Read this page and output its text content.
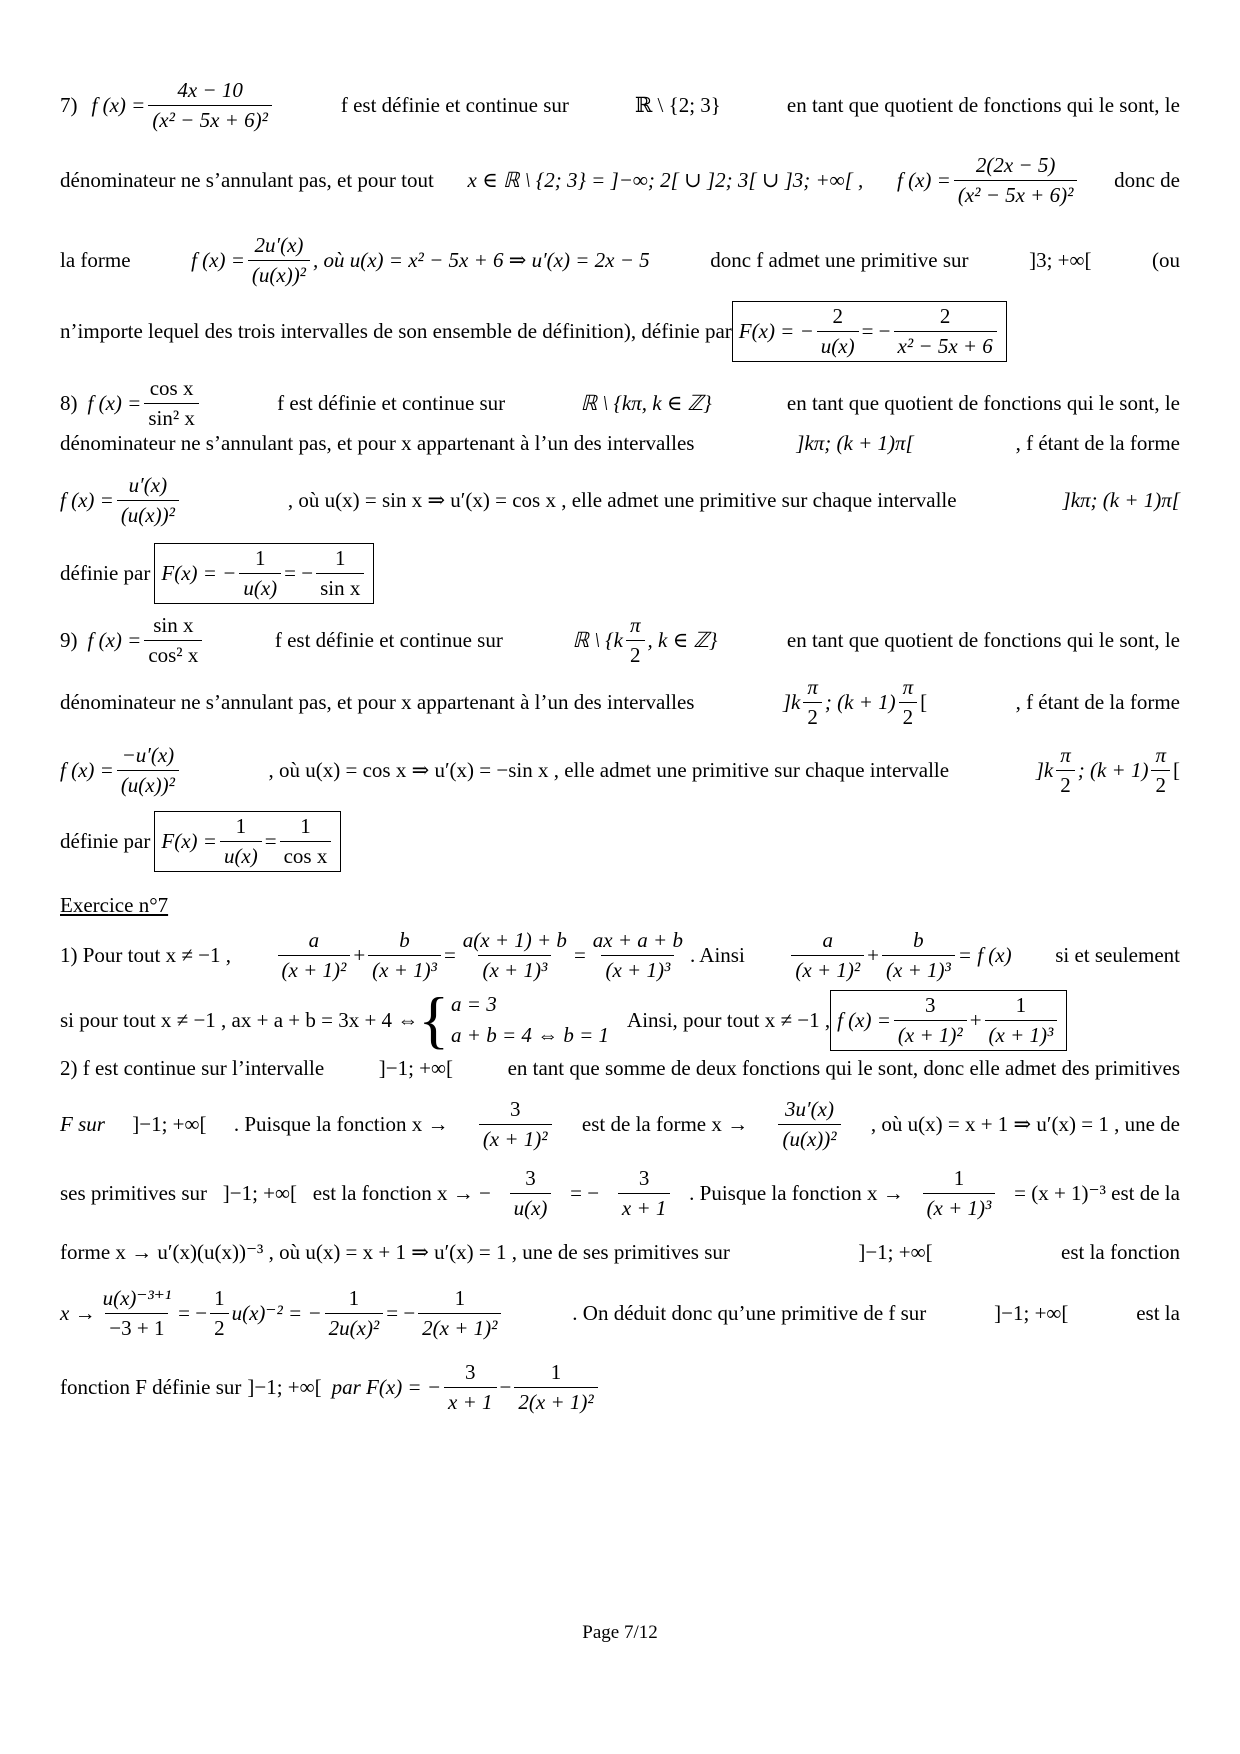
7) f $(x) = \frac{4x - 10}{\text{(x² − 5x + 6)²}}$	f est définie et continue sur	ℝ \ {2; 3}	en tant que quotient de fonctions qui le sont, le
dénominateur ne s’annulant pas, et pour tout x ∈ ℝ \ {2; 3} = ]−∞; 2[ ∪ ]2; 3[ ∪ ]3; +∞[ , f $(x) = \frac{2(2x - 5)}{\text{(x² − 5x + 6)²}}$ donc de
la forme	f $(x) = \frac{2u'(x)}{\text{(u(x))²}}$ , où u(x) = x² − 5x + 6 ⇒ u′(x) = 2x − 5	donc f admet une primitive sur	]3; +∞[	(ou
n’importe lequel des trois intervalles de son ensemble de définition), définie par F(x) = − $\frac{2}{u(x)}$ = − $\frac{2}{\text{x² − 5x + 6}}$
8) f $(x) = \frac{\text{cos x}}{\text{sin² x}}$	f est définie et continue sur	ℝ \ {kπ, k ∈ ℤ}	en tant que quotient de fonctions qui le sont, le
dénominateur ne s’annulant pas, et pour x appartenant à l’un des intervalles	]kπ; (k + 1)π[	, f étant de la forme
f $(x) = \frac{u'(x)}{\text{(u(x))²}}$	, où u(x) = sin x ⇒ u′(x) = cos x , elle admet une primitive sur chaque intervalle	]kπ; (k + 1)π[
définie par F(x) = − $\frac{1}{u(x)}$ = − $\frac{1}{\text{sin x}}$
9) f $(x) = \frac{\text{sin x}}{\text{cos² x}}$	f est définie et continue sur	ℝ \ {$k \frac{\pi}{2}$ , k ∈ ℤ}	en tant que quotient de fonctions qui le sont, le
dénominateur ne s’annulant pas, et pour x appartenant à l’un des intervalles	]$k \frac{\pi}{2}$ ; $(k + 1) \frac{\pi}{2}$ [	, f étant de la forme
f $(x) = \frac{-u'(x)}{\text{(u(x))²}}$	, où u(x) = cos x ⇒ u′(x) = −sin x , elle admet une primitive sur chaque intervalle	]$k \frac{\pi}{2}$ ; $(k + 1) \frac{\pi}{2}$ [
définie par $F(x) = \frac{1}{u(x)} = \frac{1}{\text{cos x}}$
Exercice n°7
1) Pour tout x ≠ −1 , $\frac{a}{\text{(x + 1)²}} + \frac{b}{\text{(x + 1)³}} = \frac{a(x + 1) + b}{\text{(x + 1)³}} = \frac{ax + a + b}{\text{(x + 1)³}}$ . Ainsi $\frac{a}{\text{(x + 1)²}} + \frac{b}{\text{(x + 1)³}} = f$ (x) si et seulement
si pour tout x ≠ −1 , ax + a + b = 3x + 4 ⇔ { a = 3
a + b = 4 ⇔ b = 1
Ainsi, pour tout x ≠ −1 , f $(x) = \frac{3}{\text{(x + 1)²}} + \frac{1}{\text{(x + 1)³}}$
2) f est continue sur l’intervalle	]−1; +∞[	en tant que somme de deux fonctions qui le sont, donc elle admet des primitives
F sur ]−1; +∞[ . Puisque la fonction $x \to \frac{3}{\text{(x + 1)²}}$ est de la forme $x \to \frac{3u'(x)}{\text{(u(x))²}}$ , où u(x) = x + 1 ⇒ u′(x) = 1 , une de
ses primitives sur ]−1; +∞[ est la fonction x → − $\frac{3}{u(x)}$ = − $\frac{3}{x + 1}$ . Puisque la fonction $x \to \frac{1}{\text{(x + 1)³}} = (x + 1)^{-3}$ est de la
forme x → u′(x)(u(x))⁻³ , où u(x) = x + 1 ⇒ u′(x) = 1 , une de ses primitives sur	]−1; +∞[	est la fonction
$x \to \frac{\text{u(x)⁻³⁺¹}}{-3 + 1}$ = − $\frac{1}{2} u(x)^{-2}$ = − $\frac{1}{\text{2u(x)²}}$ = − $\frac{1}{\text{2(x + 1)²}}$	. On déduit donc qu’une primitive de f sur	]−1; +∞[	est la
fonction F définie sur ]−1; +∞[ par F(x) = − $\frac{3}{x + 1} - \frac{1}{\text{2(x + 1)²}}$
Page 7/12
